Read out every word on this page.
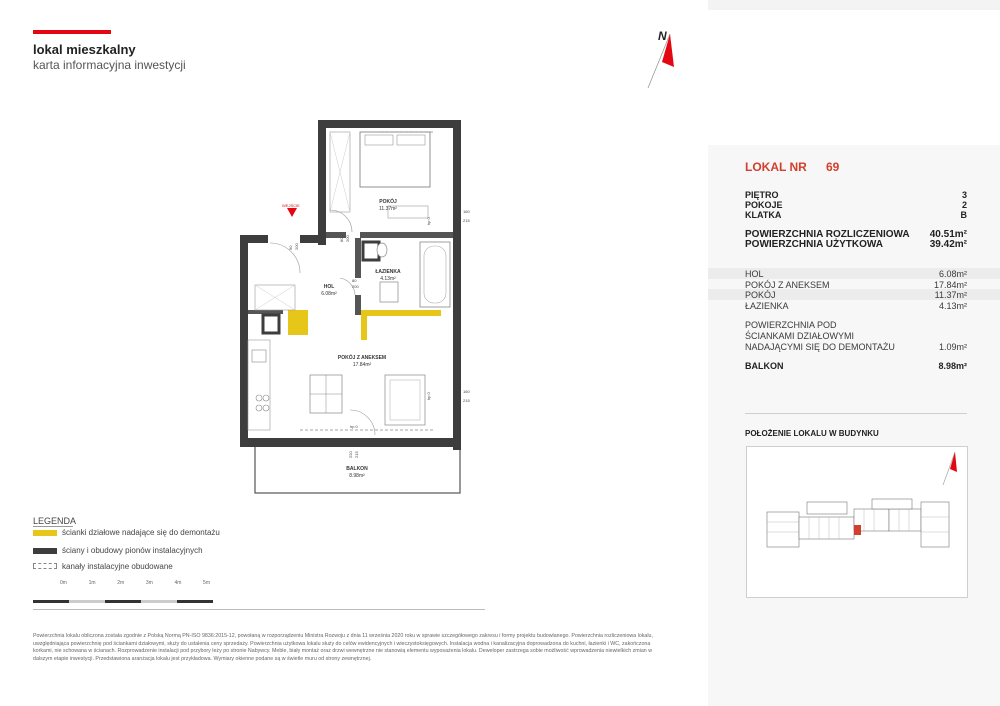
lokal mieszkalny
karta informacyjna inwestycji
N
WEJŚCIE
POKÓJ
11.37m²
ŁAZIENKA
4.13m²
HOL
6.08m²
POKÓJ Z ANEKSEM
17.84m²
BALKON
8.98m²
160
215
160
215
hp 0
hp 0
hp 0
90 200
80 200
80
200
220 215
LOKAL NR 69
PIĘTRO	3
POKOJE	2
KLATKA	B
POWIERZCHNIA ROZLICZENIOWA 40.51m²
POWIERZCHNIA UŻYTKOWA	39.42m²
HOL	6.08m²
POKÓJ Z ANEKSEM	17.84m²
POKÓJ	11.37m²
ŁAZIENKA	4.13m²
POWIERZCHNIA POD
ŚCIANKAMI DZIAŁOWYMI
NADAJĄCYMI SIĘ DO DEMONTAŻU	1.09m²
BALKON	8.98m²
POŁOŻENIE LOKALU W BUDYNKU
LEGENDA
ścianki działowe nadające się do demontażu
ściany i obudowy pionów instalacyjnych
kanały instalacyjne obudowane
0m	1m	2m	3m	4m	5m
Powierzchnia lokalu obliczona została zgodnie z Polską Normą PN-ISO 9836:2015-12, powołaną w rozporządzeniu Ministra Rozwoju z dnia 11 września 2020 roku w sprawie szczegółowego zakresu i formy projektu budowlanego. Powierzchnia rozliczeniowa lokalu, uwzględniająca powierzchnię pod ściankami działowymi, służy do ustalenia ceny sprzedaży. Powierzchnia użytkowa lokalu służy do celów ewidencyjnych i wieczystoksięgowych. Instalacja wodna i kanalizacyjna doprowadzona do kuchni, łazienki i WC, zakończona korkami, nie schowana w ścianach. Rozprowadzenie instalacji pod przybory leży po stronie Nabywcy. Meble, biały montaż oraz drzwi wewnętrzne nie stanowią elementu wyposażenia lokalu. Deweloper zastrzega sobie możliwość wprowadzenia niewielkich zmian w dalszym etapie inwestycji. Przedstawiona aranżacja lokalu jest przykładowa. Wymiary okienne podane są w świetle muru od strony zewnętrznej.
